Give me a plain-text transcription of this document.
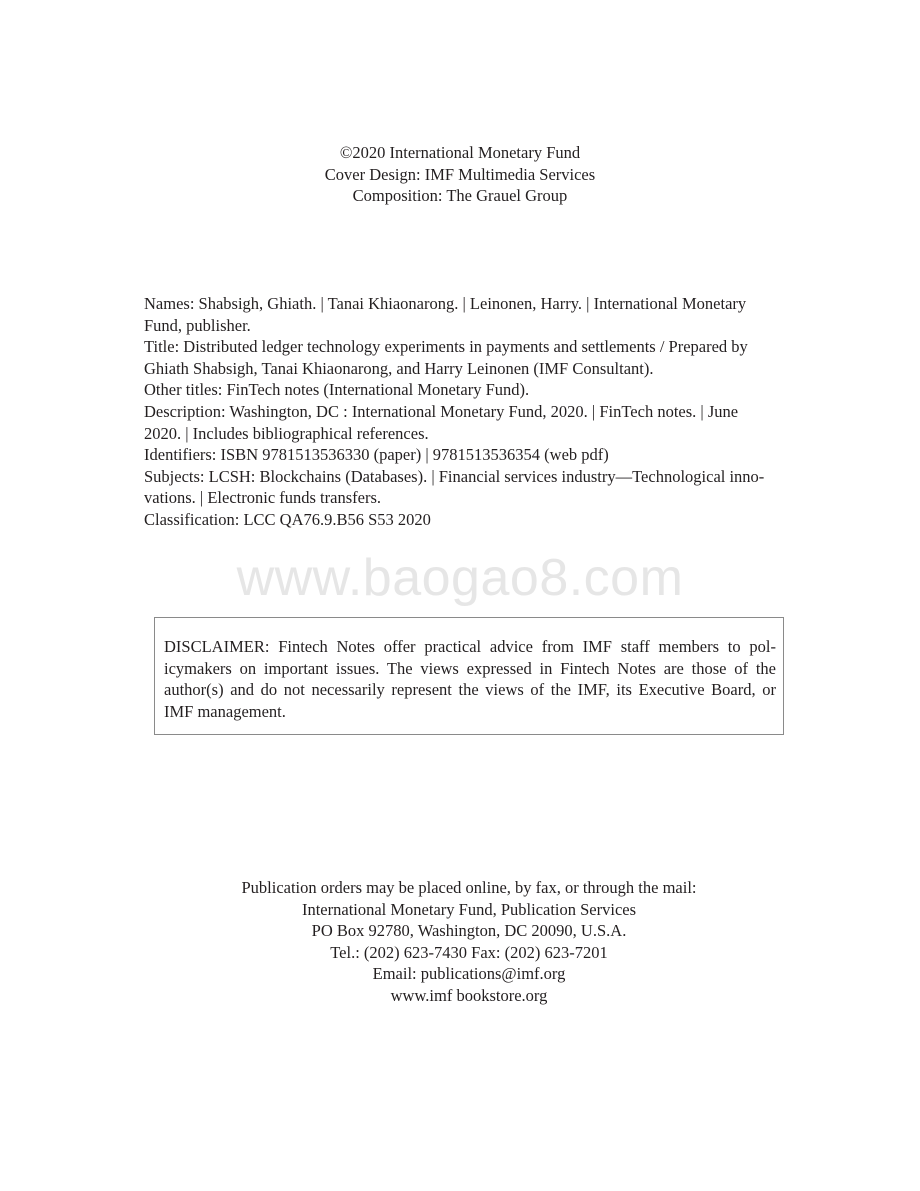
©2020 International Monetary Fund
Cover Design: IMF Multimedia Services
Composition: The Grauel Group
Names: Shabsigh, Ghiath. | Tanai Khiaonarong. | Leinonen, Harry. | International Monetary
Fund, publisher.
Title: Distributed ledger technology experiments in payments and settlements / Prepared by
Ghiath Shabsigh, Tanai Khiaonarong, and Harry Leinonen (IMF Consultant).
Other titles: FinTech notes (International Monetary Fund).
Description: Washington, DC : International Monetary Fund, 2020. | FinTech notes. | June
2020. | Includes bibliographical references.
Identifiers: ISBN 9781513536330 (paper) | 9781513536354 (web pdf)
Subjects: LCSH: Blockchains (Databases). | Financial services industry—Technological inno-
vations. | Electronic funds transfers.
Classification: LCC QA76.9.B56 S53 2020
www.baogao8.com
DISCLAIMER: Fintech Notes offer practical advice from IMF staff members to pol-
icymakers on important issues. The views expressed in Fintech Notes are those of the
author(s) and do not necessarily represent the views of the IMF, its Executive Board, or
IMF management.
Publication orders may be placed online, by fax, or through the mail:
International Monetary Fund, Publication Services
PO Box 92780, Washington, DC 20090, U.S.A.
Tel.: (202) 623-7430 Fax: (202) 623-7201
Email: publications@imf.org
www.imf bookstore.org
